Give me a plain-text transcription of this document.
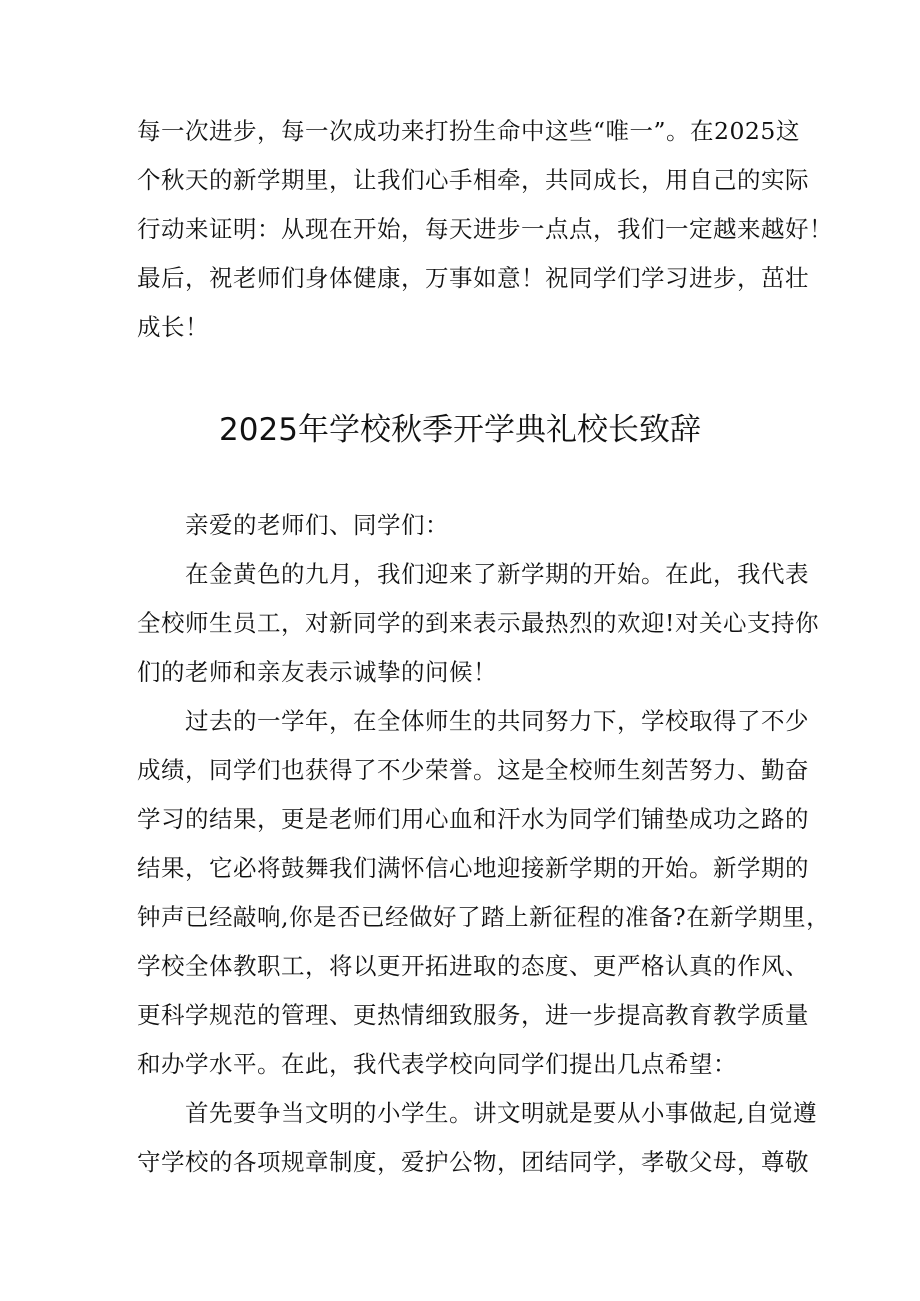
每一次进步，每一次成功来打扮生命中这些“唯一”。在2025这
个秋天的新学期里，让我们心手相牵，共同成长，用自己的实际
行动来证明：从现在开始，每天进步一点点，我们一定越来越好！
最后，祝老师们身体健康，万事如意！祝同学们学习进步，茁壮
成长！
2025年学校秋季开学典礼校长致辞
亲爱的老师们、同学们：
在金黄色的九月，我们迎来了新学期的开始。在此，我代表
全校师生员工，对新同学的到来表示最热烈的欢迎!对关心支持你
们的老师和亲友表示诚挚的问候！
过去的一学年，在全体师生的共同努力下，学校取得了不少
成绩，同学们也获得了不少荣誉。这是全校师生刻苦努力、勤奋
学习的结果，更是老师们用心血和汗水为同学们铺垫成功之路的
结果，它必将鼓舞我们满怀信心地迎接新学期的开始。新学期的
钟声已经敲响,你是否已经做好了踏上新征程的准备?在新学期里，
学校全体教职工，将以更开拓进取的态度、更严格认真的作风、
更科学规范的管理、更热情细致服务，进一步提高教育教学质量
和办学水平。在此，我代表学校向同学们提出几点希望：
首先要争当文明的小学生。讲文明就是要从小事做起,自觉遵
守学校的各项规章制度，爱护公物，团结同学，孝敬父母，尊敬
